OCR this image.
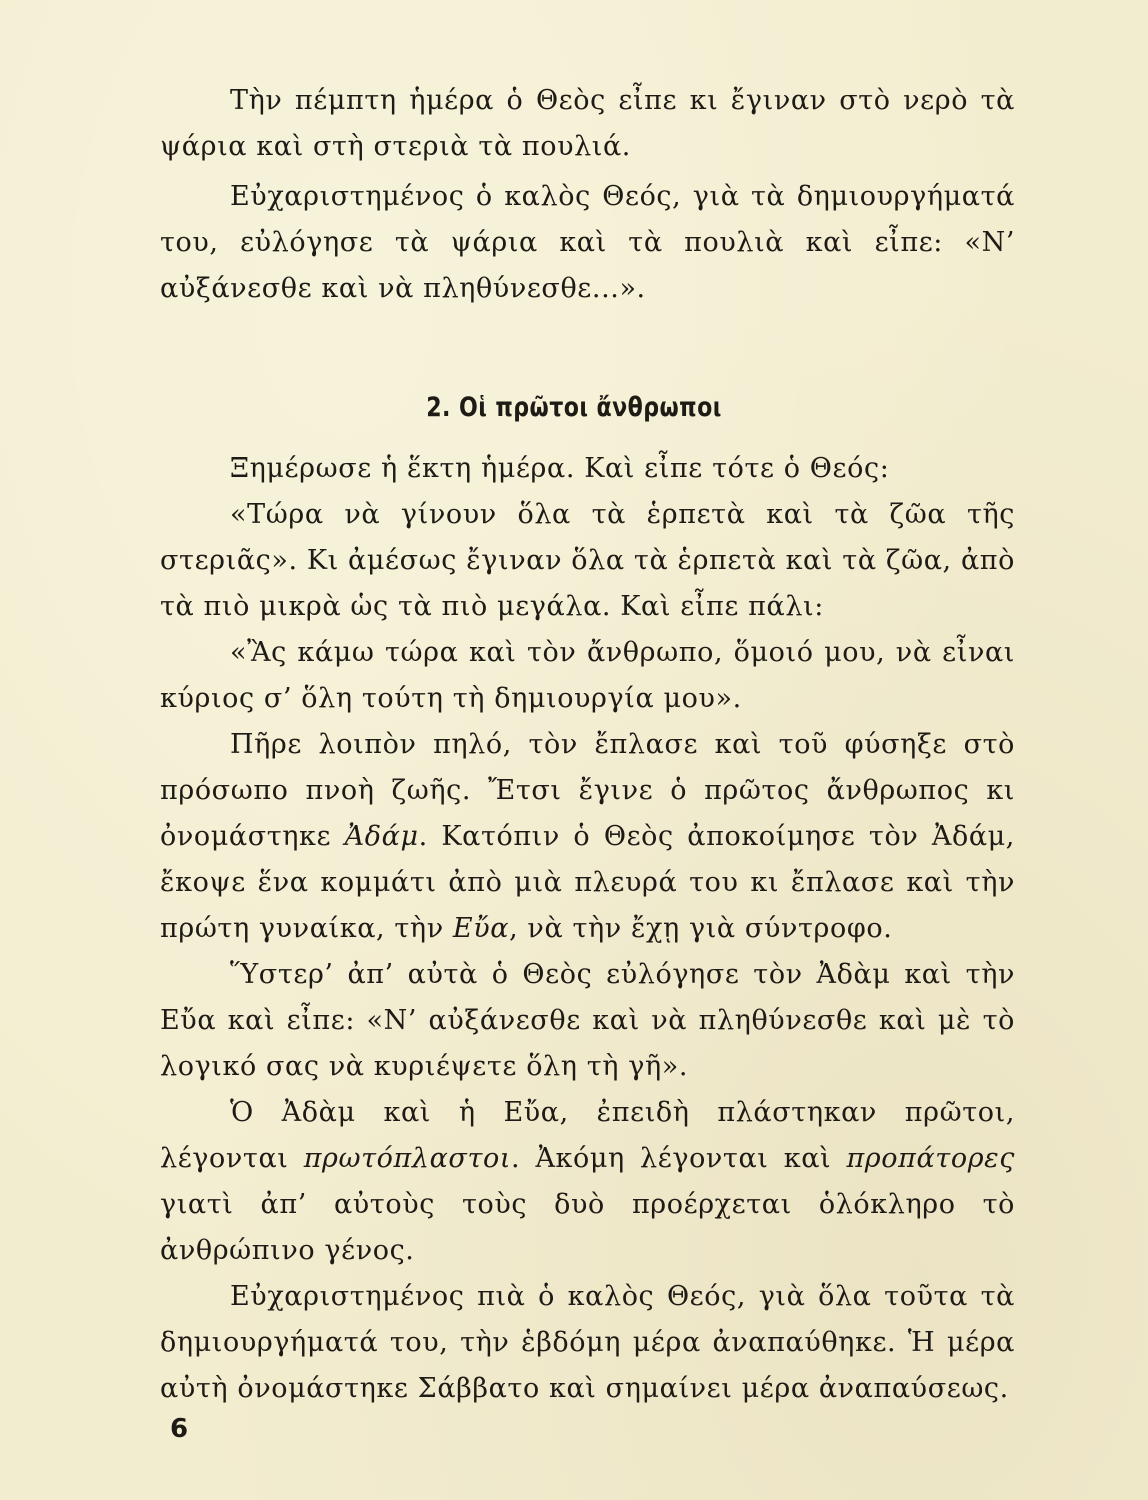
Τὴν πέμπτη ἡμέρα ὁ Θεὸς εἶπε κι ἔγιναν στὸ νερὸ τὰ ψάρια καὶ στὴ στεριὰ τὰ πουλιά.

Εὐχαριστημένος ὁ καλὸς Θεός, γιὰ τὰ δημιουργήματά του, εὐλόγησε τὰ ψάρια καὶ τὰ πουλιὰ καὶ εἶπε: «Ν’ αὐξάνεσθε καὶ νὰ πληθύνεσθε...».

2. Οἱ πρῶτοι ἄνθρωποι

Ξημέρωσε ἡ ἕκτη ἡμέρα. Καὶ εἶπε τότε ὁ Θεός:

«Τώρα νὰ γίνουν ὅλα τὰ ἑρπετὰ καὶ τὰ ζῶα τῆς στεριᾶς». Κι ἀμέσως ἔγιναν ὅλα τὰ ἑρπετὰ καὶ τὰ ζῶα, ἀπὸ τὰ πιὸ μικρὰ ὡς τὰ πιὸ μεγάλα. Καὶ εἶπε πάλι:

«Ἂς κάμω τώρα καὶ τὸν ἄνθρωπο, ὅμοιό μου, νὰ εἶναι κύριος σ’ ὅλη τούτη τὴ δημιουργία μου».

Πῆρε λοιπὸν πηλό, τὸν ἔπλασε καὶ τοῦ φύσηξε στὸ πρόσωπο πνοὴ ζωῆς. Ἔτσι ἔγινε ὁ πρῶτος ἄνθρωπος κι ὀνομάστηκε Ἀδάμ. Κατόπιν ὁ Θεὸς ἀποκοίμησε τὸν Ἀδάμ, ἔκοψε ἕνα κομμάτι ἀπὸ μιὰ πλευρά του κι ἔπλασε καὶ τὴν πρώτη γυναίκα, τὴν Εὔα, νὰ τὴν ἔχῃ γιὰ σύντροφο.

Ὕστερ’ ἀπ’ αὐτὰ ὁ Θεὸς εὐλόγησε τὸν Ἀδὰμ καὶ τὴν Εὔα καὶ εἶπε: «Ν’ αὐξάνεσθε καὶ νὰ πληθύνεσθε καὶ μὲ τὸ λογικό σας νὰ κυριέψετε ὅλη τὴ γῆ».

Ὁ Ἀδὰμ καὶ ἡ Εὔα, ἐπειδὴ πλάστηκαν πρῶτοι, λέγονται πρωτόπλαστοι. Ἀκόμη λέγονται καὶ προπάτορες γιατὶ ἀπ’ αὐτοὺς τοὺς δυὸ προέρχεται ὁλόκληρο τὸ ἀνθρώπινο γένος.

Εὐχαριστημένος πιὰ ὁ καλὸς Θεός, γιὰ ὅλα τοῦτα τὰ δημιουργήματά του, τὴν ἑβδόμη μέρα ἀναπαύθηκε. Ἡ μέρα αὐτὴ ὀνομάστηκε Σάββατο καὶ σημαίνει μέρα ἀναπαύσεως.

6
